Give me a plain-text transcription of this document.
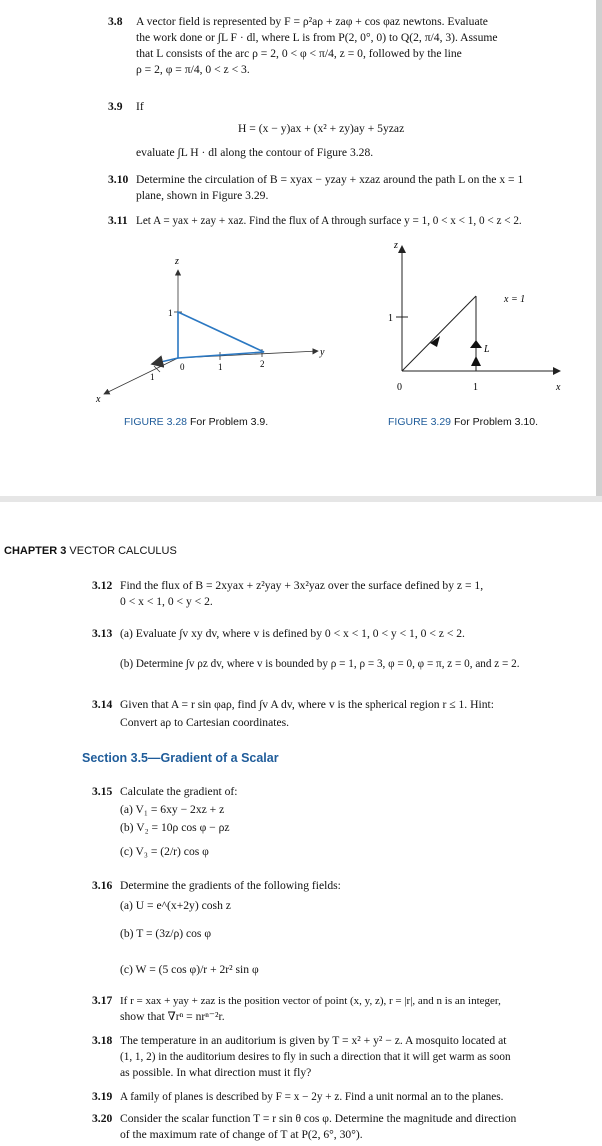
3.8 A vector field is represented by F = ρ²aρ + zaφ + cos φaz newtons. Evaluate
the work done or ∫L F · dl, where L is from P(2, 0°, 0) to Q(2, π/4, 3). Assume
that L consists of the arc ρ = 2, 0 < φ < π/4, z = 0, followed by the line
ρ = 2, φ = π/4, 0 < z < 3.
3.9 If
H = (x − y)ax + (x² + zy)ay + 5yzaz
evaluate ∫L H · dl along the contour of Figure 3.28.
3.10 Determine the circulation of B = xyax − yzay + xzaz around the path L on the x = 1
plane, shown in Figure 3.29.
3.11 Let A = yax + zay + xaz. Find the flux of A through surface y = 1, 0 < x < 1, 0 < z < 2.
z
y
x
1
0	1	2
1
FIGURE 3.28 For Problem 3.9.
z
1
0	1	x
x = 1
L
FIGURE 3.29 For Problem 3.10.
CHAPTER 3 VECTOR CALCULUS
3.12 Find the flux of B = 2xyax + z²yay + 3x²yaz over the surface defined by z = 1,
0 < x < 1, 0 < y < 2.
3.13 (a) Evaluate ∫v xy dv, where v is defined by 0 < x < 1, 0 < y < 1, 0 < z < 2.
(b) Determine ∫v ρz dv, where v is bounded by ρ = 1, ρ = 3, φ = 0, φ = π, z = 0, and z = 2.
3.14 Given that A = r sin φaρ, find ∫v A dv, where v is the spherical region r ≤ 1. Hint:
Convert aρ to Cartesian coordinates.
Section 3.5—Gradient of a Scalar
3.15 Calculate the gradient of:
(a) V₁ = 6xy − 2xz + z
(b) V₂ = 10ρ cos φ − ρz
(c) V₃ = (2/r) cos φ
3.16 Determine the gradients of the following fields:
(a) U = e^(x+2y) cosh z
(b) T = (3z/ρ) cos φ
(c) W = (5 cos φ)/r + 2r² sin φ
3.17 If r = xax + yay + zaz is the position vector of point (x, y, z), r = |r|, and n is an integer,
show that ∇rⁿ = nrⁿ⁻²r.
3.18 The temperature in an auditorium is given by T = x² + y² − z. A mosquito located at
(1, 1, 2) in the auditorium desires to fly in such a direction that it will get warm as soon
as possible. In what direction must it fly?
3.19 A family of planes is described by F = x − 2y + z. Find a unit normal an to the planes.
3.20 Consider the scalar function T = r sin θ cos φ. Determine the magnitude and direction
of the maximum rate of change of T at P(2, 6°, 30°).
